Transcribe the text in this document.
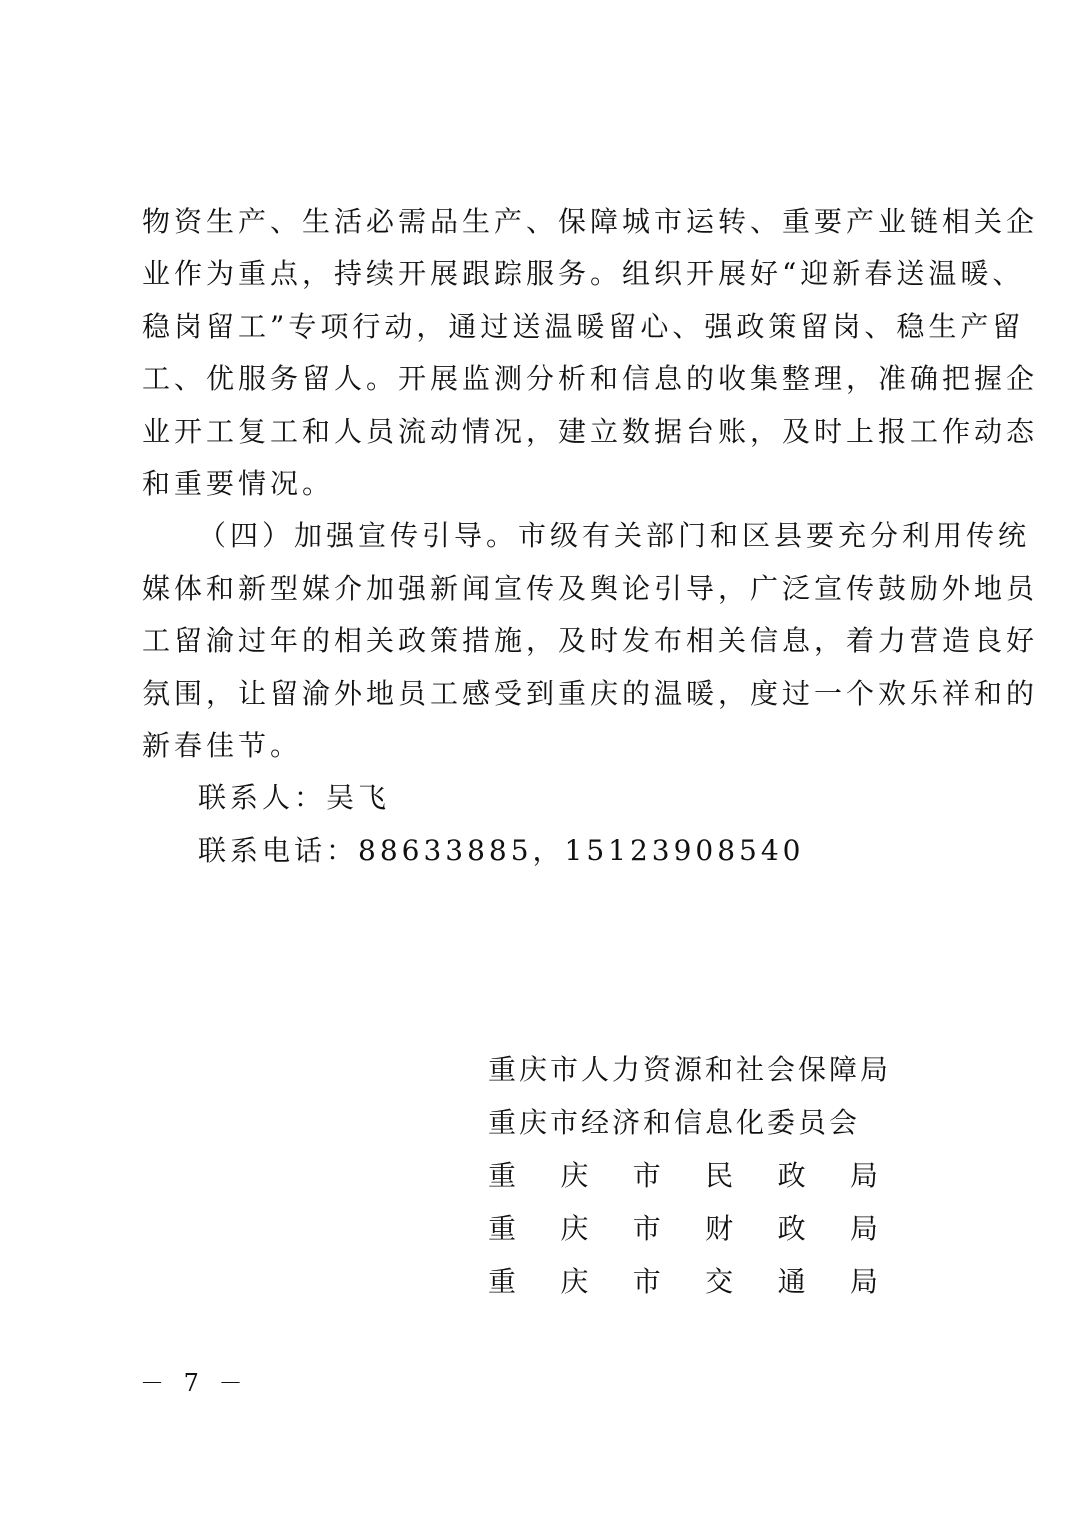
物资生产、生活必需品生产、保障城市运转、重要产业链相关企
业作为重点，持续开展跟踪服务。组织开展好“迎新春送温暖、
稳岗留工”专项行动，通过送温暖留心、强政策留岗、稳生产留
工、优服务留人。开展监测分析和信息的收集整理，准确把握企
业开工复工和人员流动情况，建立数据台账，及时上报工作动态
和重要情况。
（四）加强宣传引导。市级有关部门和区县要充分利用传统
媒体和新型媒介加强新闻宣传及舆论引导，广泛宣传鼓励外地员
工留渝过年的相关政策措施，及时发布相关信息，着力营造良好
氛围，让留渝外地员工感受到重庆的温暖，度过一个欢乐祥和的
新春佳节。
联系人：吴飞
联系电话：88633885，15123908540
重庆市人力资源和社会保障局
重庆市经济和信息化委员会
重 庆 市 民 政 局
重 庆 市 财 政 局
重 庆 市 交 通 局
－ 7 －
